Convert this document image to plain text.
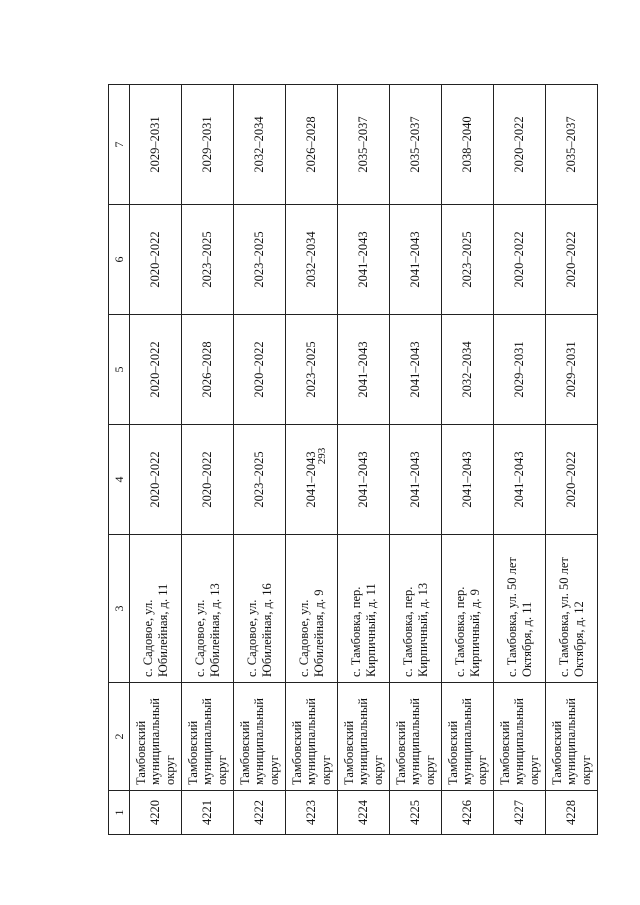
293
1	2	3	4	5	6	7
4220	Тамбовский муниципальный округ	с. Садовое, ул. Юбилейная, д. 11	2020–2022	2020–2022	2020–2022	2029–2031
4221	Тамбовский муниципальный округ	с. Садовое, ул. Юбилейная, д. 13	2020–2022	2026–2028	2023–2025	2029–2031
4222	Тамбовский муниципальный округ	с. Садовое, ул. Юбилейная, д. 16	2023–2025	2020–2022	2023–2025	2032–2034
4223	Тамбовский муниципальный округ	с. Садовое, ул. Юбилейная, д. 9	2041–2043	2023–2025	2032–2034	2026–2028
4224	Тамбовский муниципальный округ	с. Тамбовка, пер. Кирпичный, д. 11	2041–2043	2041–2043	2041–2043	2035–2037
4225	Тамбовский муниципальный округ	с. Тамбовка, пер. Кирпичный, д. 13	2041–2043	2041–2043	2041–2043	2035–2037
4226	Тамбовский муниципальный округ	с. Тамбовка, пер. Кирпичный, д. 9	2041–2043	2032–2034	2023–2025	2038–2040
4227	Тамбовский муниципальный округ	с. Тамбовка, ул. 50 лет Октября, д. 11	2041–2043	2029–2031	2020–2022	2020–2022
4228	Тамбовский муниципальный округ	с. Тамбовка, ул. 50 лет Октября, д. 12	2020–2022	2029–2031	2020–2022	2035–2037
